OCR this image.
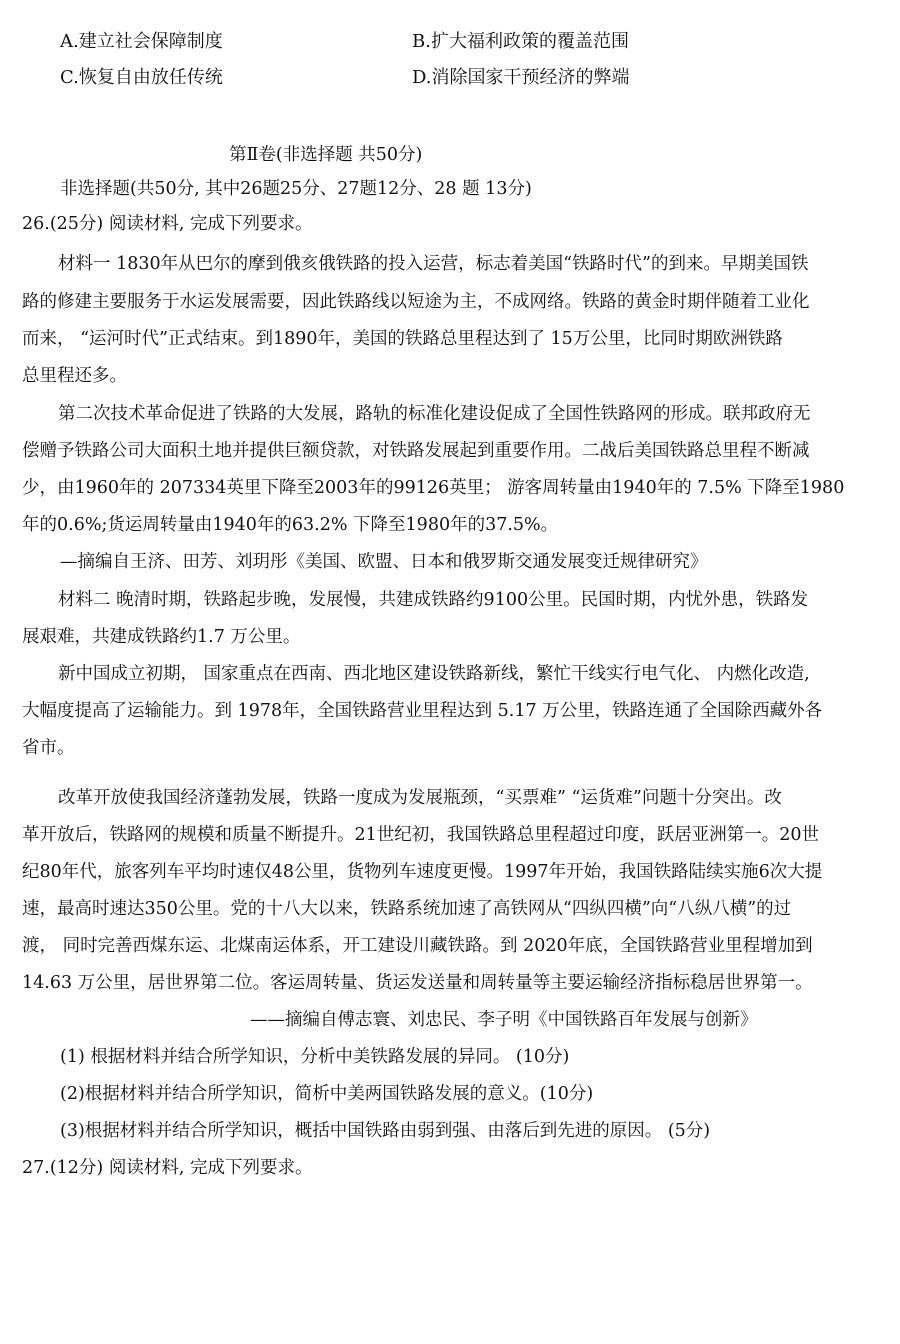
A.建立社会保障制度	B.扩大福利政策的覆盖范围
C.恢复自由放任传统	D.消除国家干预经济的弊端
第Ⅱ卷(非选择题 共50分)
非选择题(共50分, 其中26题25分、27题12分、28 题 13分)
26.(25分) 阅读材料, 完成下列要求。
材料一 1830年从巴尔的摩到俄亥俄铁路的投入运营，标志着美国“铁路时代”的到来。早期美国铁
路的修建主要服务于水运发展需要，因此铁路线以短途为主，不成网络。铁路的黄金时期伴随着工业化
而来， “运河时代”正式结束。到1890年，美国的铁路总里程达到了 15万公里，比同时期欧洲铁路
总里程还多。
第二次技术革命促进了铁路的大发展，路轨的标准化建设促成了全国性铁路网的形成。联邦政府无
偿赠予铁路公司大面积土地并提供巨额贷款，对铁路发展起到重要作用。二战后美国铁路总里程不断减
少，由1960年的 207334英里下降至2003年的99126英里； 游客周转量由1940年的 7.5% 下降至1980
年的0.6%;货运周转量由1940年的63.2% 下降至1980年的37.5%。
—摘编自王济、田芳、刘玥彤《美国、欧盟、日本和俄罗斯交通发展变迁规律研究》
材料二 晚清时期，铁路起步晚，发展慢，共建成铁路约9100公里。民国时期，内忧外患，铁路发
展艰难，共建成铁路约1.7 万公里。
新中国成立初期， 国家重点在西南、西北地区建设铁路新线，繁忙干线实行电气化、 内燃化改造,
大幅度提高了运输能力。到 1978年，全国铁路营业里程达到 5.17 万公里，铁路连通了全国除西藏外各
省市。
改革开放使我国经济蓬勃发展，铁路一度成为发展瓶颈，“买票难” “运货难”问题十分突出。改
革开放后，铁路网的规模和质量不断提升。21世纪初，我国铁路总里程超过印度，跃居亚洲第一。20世
纪80年代，旅客列车平均时速仅48公里，货物列车速度更慢。1997年开始，我国铁路陆续实施6次大提
速，最高时速达350公里。党的十八大以来，铁路系统加速了高铁网从“四纵四横”向“八纵八横”的过
渡， 同时完善西煤东运、北煤南运体系，开工建设川藏铁路。到 2020年底，全国铁路营业里程增加到
14.63 万公里，居世界第二位。客运周转量、货运发送量和周转量等主要运输经济指标稳居世界第一。
——摘编自傅志寰、刘忠民、李子明《中国铁路百年发展与创新》
(1) 根据材料并结合所学知识，分析中美铁路发展的异同。 (10分)
(2)根据材料并结合所学知识，简析中美两国铁路发展的意义。(10分)
(3)根据材料并结合所学知识，概括中国铁路由弱到强、由落后到先进的原因。 (5分)
27.(12分) 阅读材料, 完成下列要求。
